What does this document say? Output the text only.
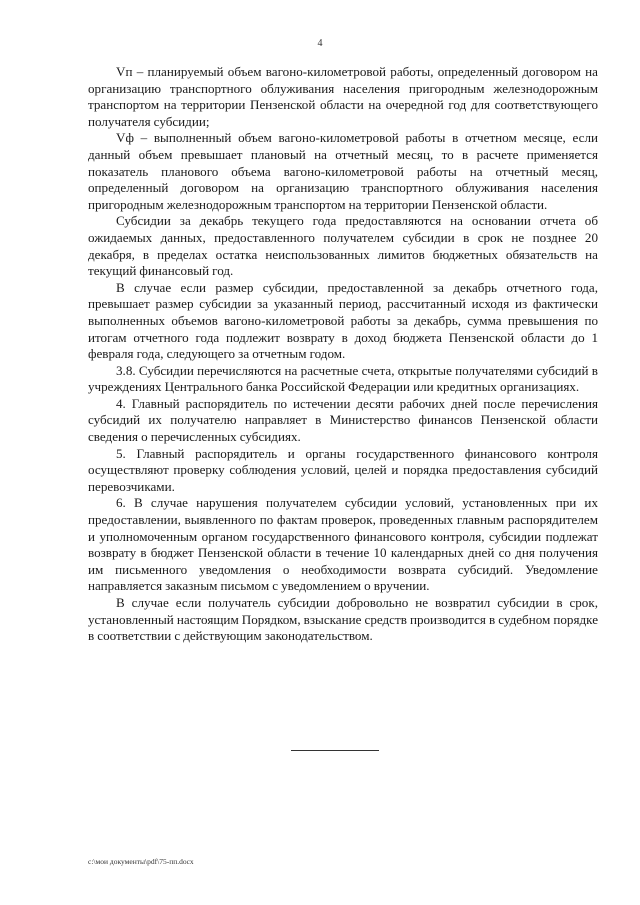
4

Vп – планируемый объем вагоно-километровой работы, определенный договором на организацию транспортного облуживания населения пригородным железнодорожным транспортом на территории Пензенской области на очередной год для соответствующего получателя субсидии;

Vф – выполненный объем вагоно-километровой работы в отчетном месяце, если данный объем превышает плановый на отчетный месяц, то в расчете применяется показатель планового объема вагоно-километровой работы на отчетный месяц, определенный договором на организацию транспортного облуживания населения пригородным железнодорожным транспортом на территории Пензенской области.

Субсидии за декабрь текущего года предоставляются на основании отчета об ожидаемых данных, предоставленного получателем субсидии в срок не позднее 20 декабря, в пределах остатка неиспользованных лимитов бюджетных обязательств на текущий финансовый год.

В случае если размер субсидии, предоставленной за декабрь отчетного года, превышает размер субсидии за указанный период, рассчитанный исходя из фактически выполненных объемов вагоно-километровой работы за декабрь, сумма превышения по итогам отчетного года подлежит возврату в доход бюджета Пензенской области до 1 февраля года, следующего за отчетным годом.

3.8. Субсидии перечисляются на расчетные счета, открытые получателями субсидий в учреждениях Центрального банка Российской Федерации или кредитных организациях.

4. Главный распорядитель по истечении десяти рабочих дней после перечисления субсидий их получателю направляет в Министерство финансов Пензенской области сведения о перечисленных субсидиях.

5. Главный распорядитель и органы государственного финансового контроля осуществляют проверку соблюдения условий, целей и порядка предоставления субсидий перевозчиками.

6. В случае нарушения получателем субсидии условий, установленных при их предоставлении, выявленного по фактам проверок, проведенных главным распорядителем и уполномоченным органом государственного финансового контроля, субсидии подлежат возврату в бюджет Пензенской области в течение 10 календарных дней со дня получения им письменного уведомления о необходимости возврата субсидий. Уведомление направляется заказным письмом с уведомлением о вручении.

В случае если получатель субсидии добровольно не возвратил субсидии в срок, установленный настоящим Порядком, взыскание средств производится в судебном порядке в соответствии с действующим законодательством.

c:\мои документы\pdf\75-пп.docx
